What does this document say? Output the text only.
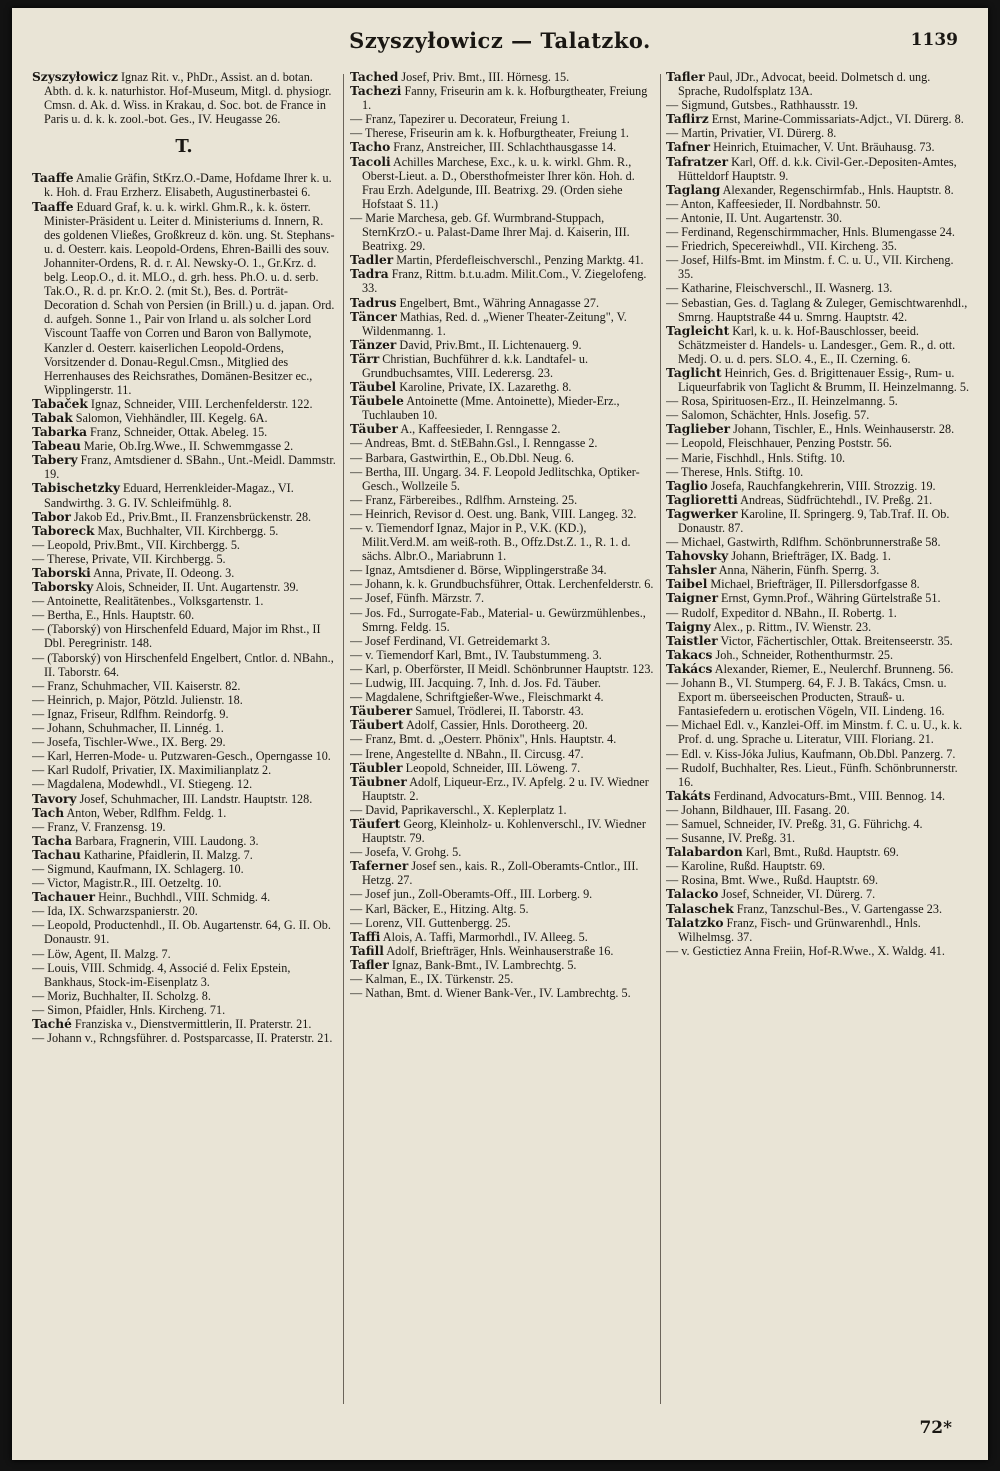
Szyszyłowicz — Talatzko.	1139

Szyszyłowicz Ignaz Rit. v., PhDr., Assist. an d. botan. Abth. d. k. k. naturhistor. Hof-Museum, Mitgl. d. physiogr. Cmsn. d. Ak. d. Wiss. in Krakau, d. Soc. bot. de France in Paris u. d. k. k. zool.-bot. Ges., IV. Heugasse 26.

T.

Taaffe Amalie Gräfin, StKrz.O.-Dame, Hofdame Ihrer k. u. k. Hoh. d. Frau Erzherz. Elisabeth, Augustinerbastei 6.

Taaffe Eduard Graf, k. u. k. wirkl. Ghm.R., k. k. österr. Minister-Präsident u. Leiter d. Ministeriums d. Innern, R. des goldenen Vließes, Großkreuz d. kön. ung. St. Stephans- u. d. Oesterr. kais. Leopold-Ordens, Ehren-Bailli des souv. Johanniter-Ordens, R. d. r. Al. Newsky-O. 1., Gr.Krz. d. belg. Leop.O., d. it. MLO., d. grh. hess. Ph.O. u. d. serb. Tak.O., R. d. pr. Kr.O. 2. (mit St.), Bes. d. Porträt-Decoration d. Schah von Persien (in Brill.) u. d. japan. Ord. d. aufgeh. Sonne 1., Pair von Irland u. als solcher Lord Viscount Taaffe von Corren und Baron von Ballymote, Kanzler d. Oesterr. kaiserlichen Leopold-Ordens, Vorsitzender d. Donau-Regul.Cmsn., Mitglied des Herrenhauses des Reichsrathes, Domänen-Besitzer ec., Wipplingerstr. 11.

Tabaček Ignaz, Schneider, VIII. Lerchenfelderstr. 122.

Tabak Salomon, Viehhändler, III. Kegelg. 6A.

Tabarka Franz, Schneider, Ottak. Abeleg. 15.

Tabeau Marie, Ob.Irg.Wwe., II. Schwemmgasse 2.

Tabery Franz, Amtsdiener d. SBahn., Unt.-Meidl. Dammstr. 19.

Tabischetzky Eduard, Herrenkleider-Magaz., VI. Sandwirthg. 3. G. IV. Schleifmühlg. 8.

Tabor Jakob Ed., Priv.Bmt., II. Franzensbrückenstr. 28.

Taboreck Max, Buchhalter, VII. Kirchbergg. 5.

— Leopold, Priv.Bmt., VII. Kirchbergg. 5.

— Therese, Private, VII. Kirchbergg. 5.

Taborski Anna, Private, II. Odeong. 3.

Taborsky Alois, Schneider, II. Unt. Augartenstr. 39.

— Antoinette, Realitätenbes., Volksgartenstr. 1.

— Bertha, E., Hnls. Hauptstr. 60.

— (Taborský) von Hirschenfeld Eduard, Major im Rhst., II Dbl. Peregrinistr. 148.

— (Taborský) von Hirschenfeld Engelbert, Cntlor. d. NBahn., II. Taborstr. 64.

— Franz, Schuhmacher, VII. Kaiserstr. 82.

— Heinrich, p. Major, Pötzld. Julienstr. 18.

— Ignaz, Friseur, Rdlfhm. Reindorfg. 9.

— Johann, Schuhmacher, II. Linnég. 1.

— Josefa, Tischler-Wwe., IX. Berg. 29.

— Karl, Herren-Mode- u. Putzwaren-Gesch., Operngasse 10.

— Karl Rudolf, Privatier, IX. Maximilianplatz 2.

— Magdalena, Modewhdl., VI. Stiegeng. 12.

Tavory Josef, Schuhmacher, III. Landstr. Hauptstr. 128.

Tach Anton, Weber, Rdlfhm. Feldg. 1.

— Franz, V. Franzensg. 19.

Tacha Barbara, Fragnerin, VIII. Laudong. 3.

Tachau Katharine, Pfaidlerin, II. Malzg. 7.

— Sigmund, Kaufmann, IX. Schlagerg. 10.

— Victor, Magistr.R., III. Oetzeltg. 10.

Tachauer Heinr., Buchhdl., VIII. Schmidg. 4.

— Ida, IX. Schwarzspanierstr. 20.

— Leopold, Productenhdl., II. Ob. Augartenstr. 64, G. II. Ob. Donaustr. 91.

— Löw, Agent, II. Malzg. 7.

— Louis, VIII. Schmidg. 4, Associé d. Felix Epstein, Bankhaus, Stock-im-Eisenplatz 3.

— Moriz, Buchhalter, II. Scholzg. 8.

— Simon, Pfaidler, Hnls. Kircheng. 71.

Taché Franziska v., Dienstvermittlerin, II. Praterstr. 21.

— Johann v., Rchngsführer. d. Postsparcasse, II. Praterstr. 21.

Tached Josef, Priv. Bmt., III. Hörnesg. 15.

Tachezi Fanny, Friseurin am k. k. Hofburgtheater, Freiung 1.

— Franz, Tapezirer u. Decorateur, Freiung 1.

— Therese, Friseurin am k. k. Hofburgtheater, Freiung 1.

Tacho Franz, Anstreicher, III. Schlachthausgasse 14.

Tacoli Achilles Marchese, Exc., k. u. k. wirkl. Ghm. R., Oberst-Lieut. a. D., Obersthofmeister Ihrer kön. Hoh. d. Frau Erzh. Adelgunde, III. Beatrixg. 29. (Orden siehe Hofstaat S. 11.)

— Marie Marchesa, geb. Gf. Wurmbrand-Stuppach, SternKrzO.- u. Palast-Dame Ihrer Maj. d. Kaiserin, III. Beatrixg. 29.

Tadler Martin, Pferdefleischverschl., Penzing Marktg. 41.

Tadra Franz, Rittm. b.t.u.adm. Milit.Com., V. Ziegelofeng. 33.

Tadrus Engelbert, Bmt., Währing Annagasse 27.

Täncer Mathias, Red. d. „Wiener Theater-Zeitung", V. Wildenmanng. 1.

Tänzer David, Priv.Bmt., II. Lichtenauerg. 9.

Tärr Christian, Buchführer d. k.k. Landtafel- u. Grundbuchsamtes, VIII. Lederersg. 23.

Täubel Karoline, Private, IX. Lazarethg. 8.

Täubele Antoinette (Mme. Antoinette), Mieder-Erz., Tuchlauben 10.

Täuber A., Kaffeesieder, I. Renngasse 2.

— Andreas, Bmt. d. StEBahn.Gsl., I. Renngasse 2.

— Barbara, Gastwirthin, E., Ob.Dbl. Neug. 6.

— Bertha, III. Ungarg. 34. F. Leopold Jedlitschka, Optiker-Gesch., Wollzeile 5.

— Franz, Färbereibes., Rdlfhm. Arnsteing. 25.

— Heinrich, Revisor d. Oest. ung. Bank, VIII. Langeg. 32.

— v. Tiemendorf Ignaz, Major in P., V.K. (KD.), Milit.Verd.M. am weiß-roth. B., Offz.Dst.Z. 1., R. 1. d. sächs. Albr.O., Mariabrunn 1.

— Ignaz, Amtsdiener d. Börse, Wipplingerstraße 34.

— Johann, k. k. Grundbuchsführer, Ottak. Lerchenfelderstr. 6.

— Josef, Fünfh. Märzstr. 7.

— Jos. Fd., Surrogate-Fab., Material- u. Gewürzmühlenbes., Smrng. Feldg. 15.

— Josef Ferdinand, VI. Getreidemarkt 3.

— v. Tiemendorf Karl, Bmt., IV. Taubstummeng. 3.

— Karl, p. Oberförster, II Meidl. Schönbrunner Hauptstr. 123.

— Ludwig, III. Jacquing. 7, Inh. d. Jos. Fd. Täuber.

— Magdalene, Schriftgießer-Wwe., Fleischmarkt 4.

Täuberer Samuel, Trödlerei, II. Taborstr. 43.

Täubert Adolf, Cassier, Hnls. Dorotheerg. 20.

— Franz, Bmt. d. „Oesterr. Phönix", Hnls. Hauptstr. 4.

— Irene, Angestellte d. NBahn., II. Circusg. 47.

Täubler Leopold, Schneider, III. Löweng. 7.

Täubner Adolf, Liqueur-Erz., IV. Apfelg. 2 u. IV. Wiedner Hauptstr. 2.

— David, Paprikaverschl., X. Keplerplatz 1.

Täufert Georg, Kleinholz- u. Kohlenverschl., IV. Wiedner Hauptstr. 79.

— Josefa, V. Grohg. 5.

Taferner Josef sen., kais. R., Zoll-Oberamts-Cntlor., III. Hetzg. 27.

— Josef jun., Zoll-Oberamts-Off., III. Lorberg. 9.

— Karl, Bäcker, E., Hitzing. Altg. 5.

— Lorenz, VII. Guttenbergg. 25.

Taffi Alois, A. Taffi, Marmorhdl., IV. Alleeg. 5.

Tafill Adolf, Briefträger, Hnls. Weinhauserstraße 16.

Tafler Ignaz, Bank-Bmt., IV. Lambrechtg. 5.

— Kalman, E., IX. Türkenstr. 25.

— Nathan, Bmt. d. Wiener Bank-Ver., IV. Lambrechtg. 5.

Tafler Paul, JDr., Advocat, beeid. Dolmetsch d. ung. Sprache, Rudolfsplatz 13A.

— Sigmund, Gutsbes., Rathhausstr. 19.

Taflirz Ernst, Marine-Commissariats-Adjct., VI. Dürerg. 8.

— Martin, Privatier, VI. Dürerg. 8.

Tafner Heinrich, Etuimacher, V. Unt. Bräuhausg. 73.

Tafratzer Karl, Off. d. k.k. Civil-Ger.-Depositen-Amtes, Hütteldorf Hauptstr. 9.

Taglang Alexander, Regenschirmfab., Hnls. Hauptstr. 8.

— Anton, Kaffeesieder, II. Nordbahnstr. 50.

— Antonie, II. Unt. Augartenstr. 30.

— Ferdinand, Regenschirmmacher, Hnls. Blumengasse 24.

— Friedrich, Specereiwhdl., VII. Kircheng. 35.

— Josef, Hilfs-Bmt. im Minstm. f. C. u. U., VII. Kircheng. 35.

— Katharine, Fleischverschl., II. Wasnerg. 13.

— Sebastian, Ges. d. Taglang & Zuleger, Gemischtwarenhdl., Smrng. Hauptstraße 44 u. Smrng. Hauptstr. 42.

Tagleicht Karl, k. u. k. Hof-Bauschlosser, beeid. Schätzmeister d. Handels- u. Landesger., Gem. R., d. ott. Medj. O. u. d. pers. SLO. 4., E., II. Czerning. 6.

Taglicht Heinrich, Ges. d. Brigittenauer Essig-, Rum- u. Liqueurfabrik von Taglicht & Brumm, II. Heinzelmanng. 5.

— Rosa, Spirituosen-Erz., II. Heinzelmanng. 5.

— Salomon, Schächter, Hnls. Josefig. 57.

Taglieber Johann, Tischler, E., Hnls. Weinhauserstr. 28.

— Leopold, Fleischhauer, Penzing Poststr. 56.

— Marie, Fischhdl., Hnls. Stiftg. 10.

— Therese, Hnls. Stiftg. 10.

Taglio Josefa, Rauchfangkehrerin, VIII. Strozzig. 19.

Taglioretti Andreas, Südfrüchtehdl., IV. Preßg. 21.

Tagwerker Karoline, II. Springerg. 9, Tab.Traf. II. Ob. Donaustr. 87.

— Michael, Gastwirth, Rdlfhm. Schönbrunnerstraße 58.

Tahovsky Johann, Briefträger, IX. Badg. 1.

Tahsler Anna, Näherin, Fünfh. Sperrg. 3.

Taibel Michael, Briefträger, II. Pillersdorfgasse 8.

Taigner Ernst, Gymn.Prof., Währing Gürtelstraße 51.

— Rudolf, Expeditor d. NBahn., II. Robertg. 1.

Taigny Alex., p. Rittm., IV. Wienstr. 23.

Taistler Victor, Fächertischler, Ottak. Breitenseerstr. 35.

Takacs Joh., Schneider, Rothenthurmstr. 25.

Takács Alexander, Riemer, E., Neulerchf. Brunneng. 56.

— Johann B., VI. Stumperg. 64, F. J. B. Takács, Cmsn. u. Export m. überseeischen Producten, Strauß- u. Fantasiefedern u. erotischen Vögeln, VII. Lindeng. 16.

— Michael Edl. v., Kanzlei-Off. im Minstm. f. C. u. U., k. k. Prof. d. ung. Sprache u. Literatur, VIII. Floriang. 21.

— Edl. v. Kiss-Jóka Julius, Kaufmann, Ob.Dbl. Panzerg. 7.

— Rudolf, Buchhalter, Res. Lieut., Fünfh. Schönbrunnerstr. 16.

Takáts Ferdinand, Advocaturs-Bmt., VIII. Bennog. 14.

— Johann, Bildhauer, III. Fasang. 20.

— Samuel, Schneider, IV. Preßg. 31, G. Führichg. 4.

— Susanne, IV. Preßg. 31.

Talabardon Karl, Bmt., Rußd. Hauptstr. 69.

— Karoline, Rußd. Hauptstr. 69.

— Rosina, Bmt. Wwe., Rußd. Hauptstr. 69.

Talacko Josef, Schneider, VI. Dürerg. 7.

Talaschek Franz, Tanzschul-Bes., V. Gartengasse 23.

Talatzko Franz, Fisch- und Grünwarenhdl., Hnls. Wilhelmsg. 37.

— v. Gestictiez Anna Freiin, Hof-R.Wwe., X. Waldg. 41.

72*
